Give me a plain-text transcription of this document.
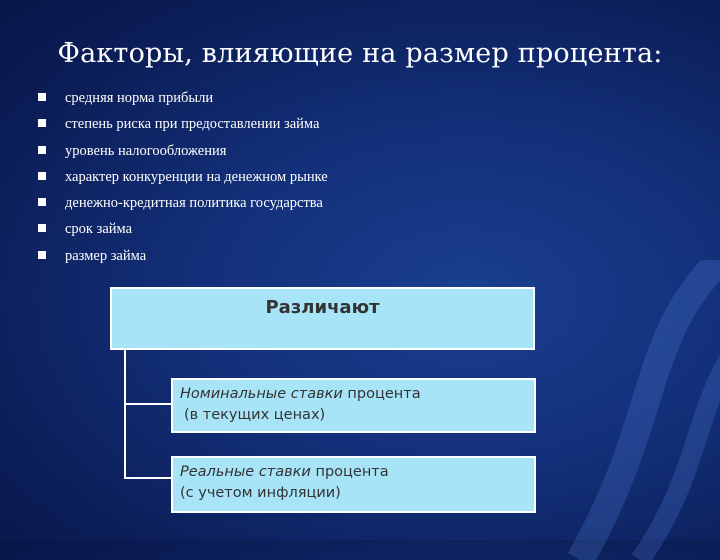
Факторы, влияющие на размер процента:
средняя норма прибыли
степень риска при предоставлении займа
уровень налогообложения
характер конкуренции на денежном рынке
денежно-кредитная политика государства
срок займа
размер займа
Различают
Номинальные ставки процента
(в текущих ценах)
Реальные ставки процента
(с учетом инфляции)
